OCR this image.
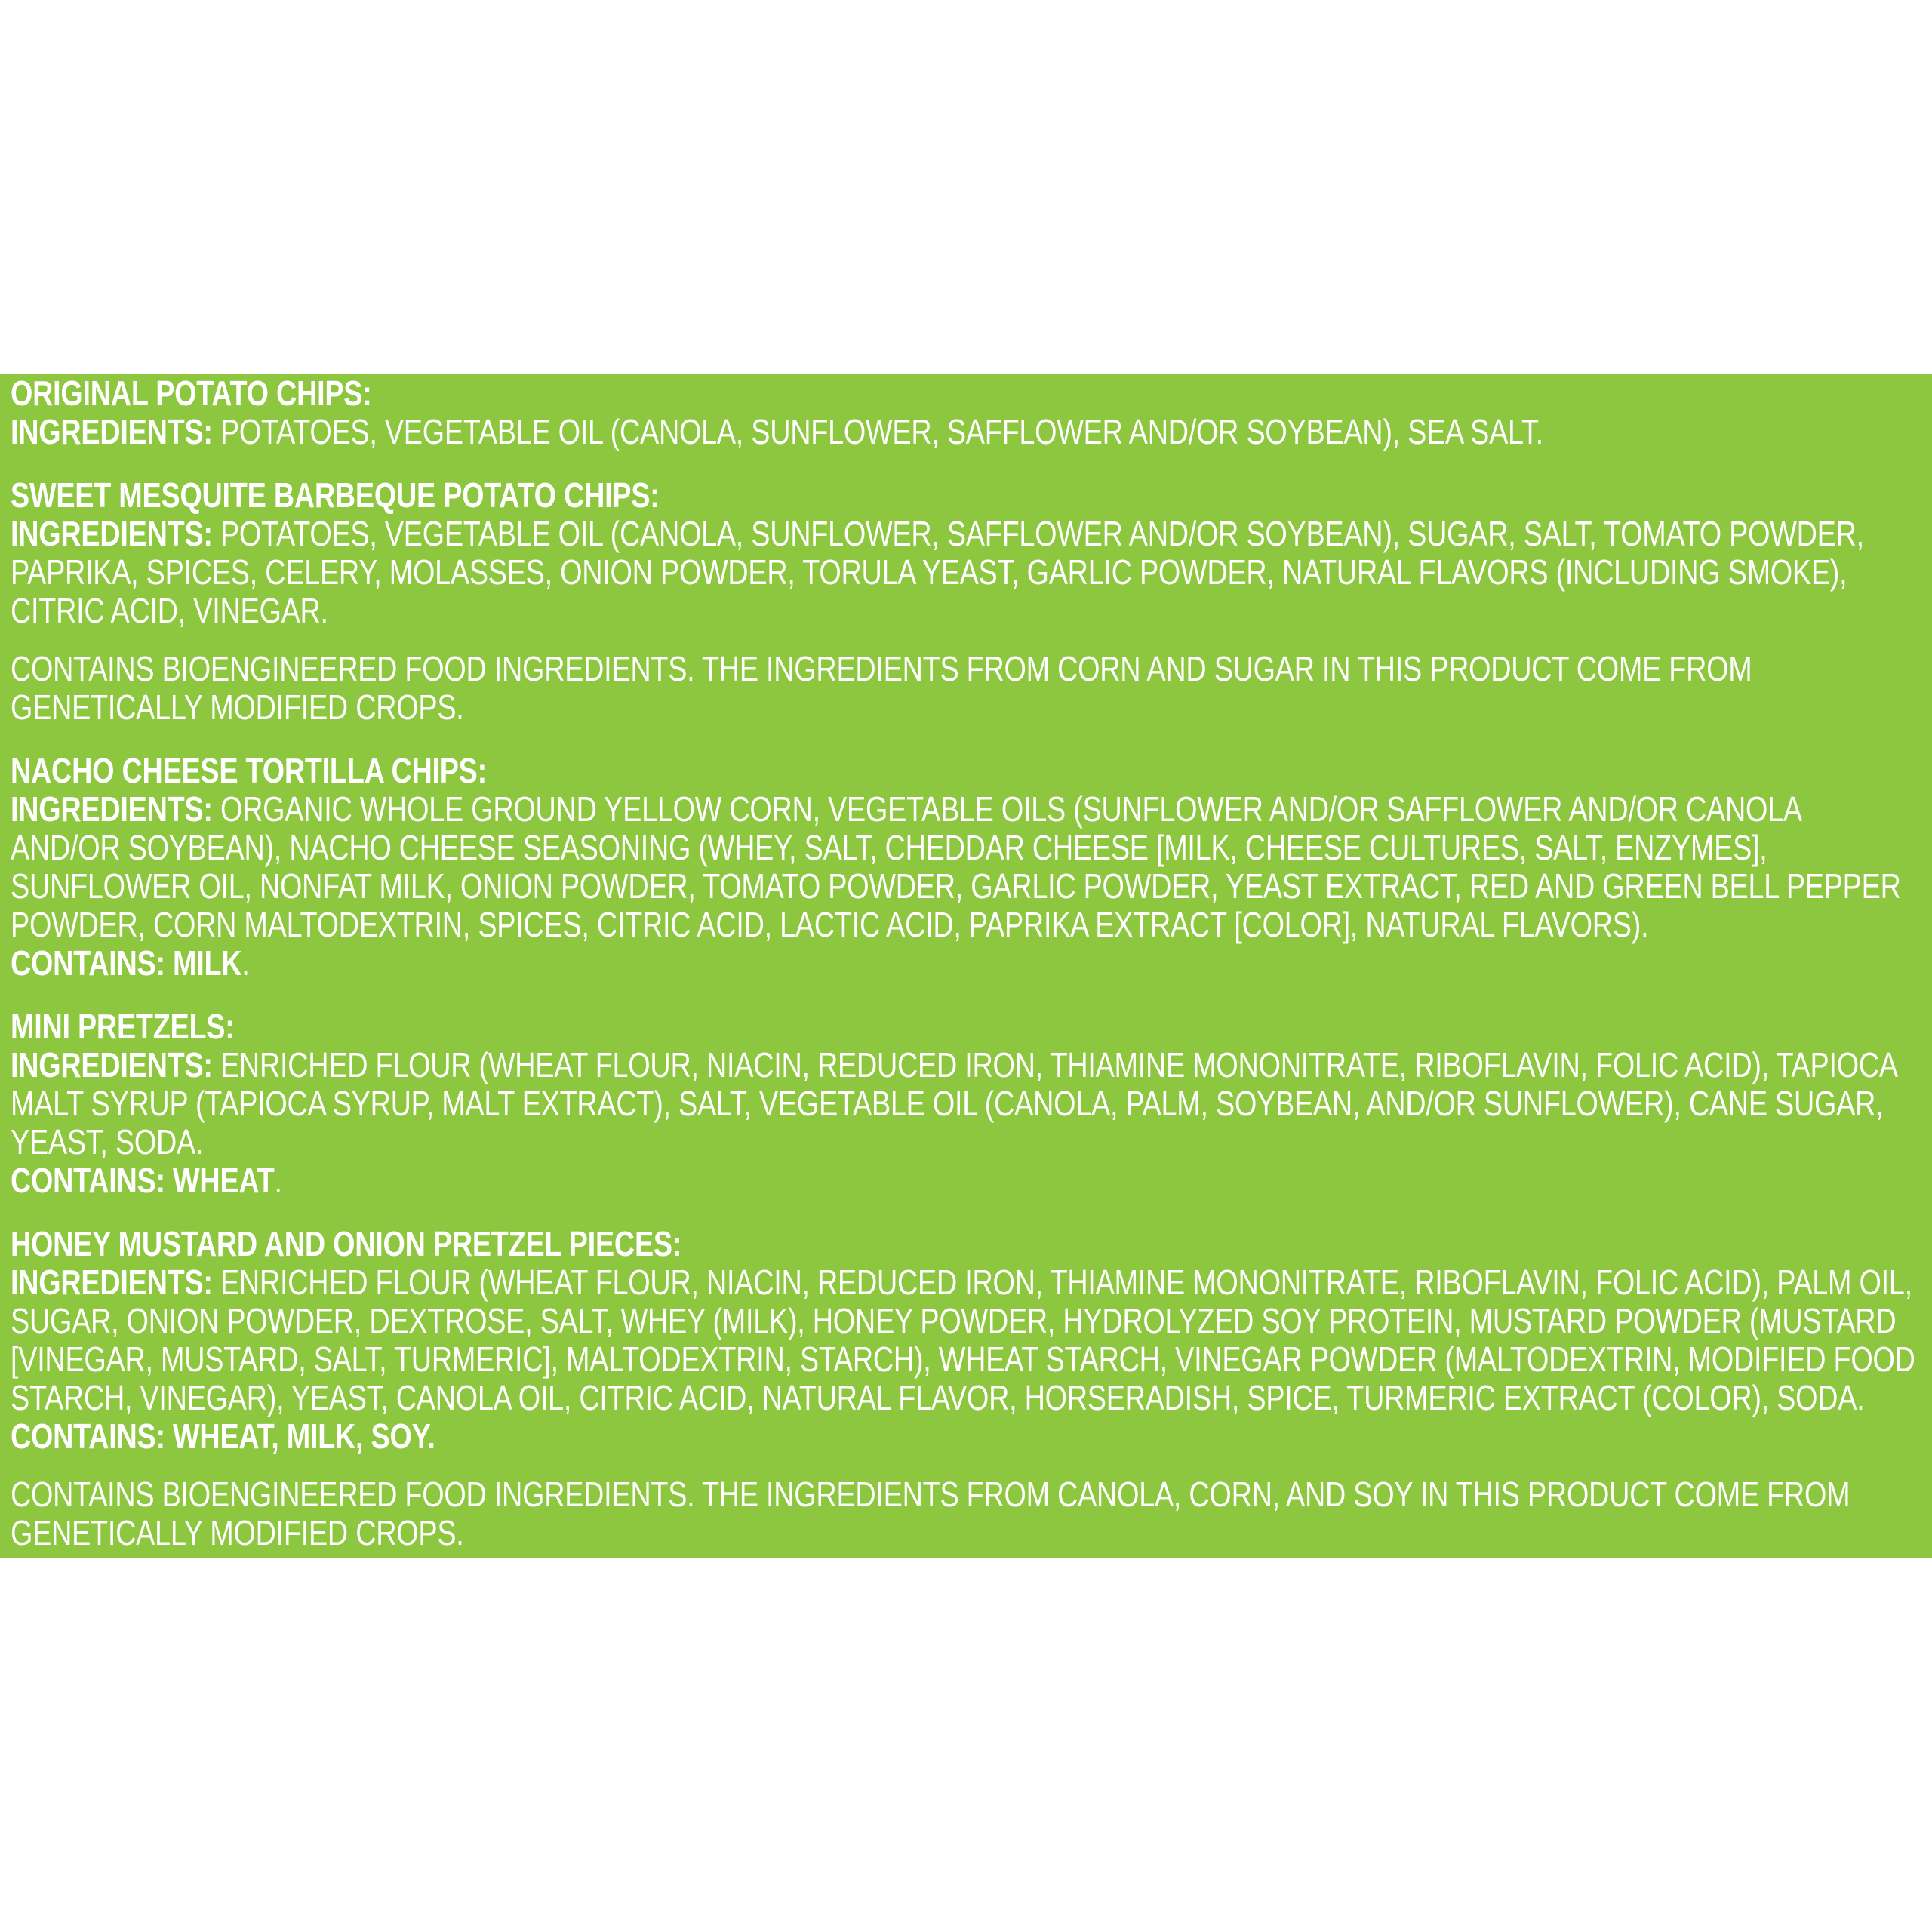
ORIGINAL POTATO CHIPS:
INGREDIENTS: POTATOES, VEGETABLE OIL (CANOLA, SUNFLOWER, SAFFLOWER AND/OR SOYBEAN), SEA SALT.
SWEET MESQUITE BARBEQUE POTATO CHIPS:
INGREDIENTS: POTATOES, VEGETABLE OIL (CANOLA, SUNFLOWER, SAFFLOWER AND/OR SOYBEAN), SUGAR, SALT, TOMATO POWDER,
PAPRIKA, SPICES, CELERY, MOLASSES, ONION POWDER, TORULA YEAST, GARLIC POWDER, NATURAL FLAVORS (INCLUDING SMOKE),
CITRIC ACID, VINEGAR.
CONTAINS BIOENGINEERED FOOD INGREDIENTS. THE INGREDIENTS FROM CORN AND SUGAR IN THIS PRODUCT COME FROM
GENETICALLY MODIFIED CROPS.
NACHO CHEESE TORTILLA CHIPS:
INGREDIENTS: ORGANIC WHOLE GROUND YELLOW CORN, VEGETABLE OILS (SUNFLOWER AND/OR SAFFLOWER AND/OR CANOLA
AND/OR SOYBEAN), NACHO CHEESE SEASONING (WHEY, SALT, CHEDDAR CHEESE [MILK, CHEESE CULTURES, SALT, ENZYMES],
SUNFLOWER OIL, NONFAT MILK, ONION POWDER, TOMATO POWDER, GARLIC POWDER, YEAST EXTRACT, RED AND GREEN BELL PEPPER
POWDER, CORN MALTODEXTRIN, SPICES, CITRIC ACID, LACTIC ACID, PAPRIKA EXTRACT [COLOR], NATURAL FLAVORS).
CONTAINS: MILK.
MINI PRETZELS:
INGREDIENTS: ENRICHED FLOUR (WHEAT FLOUR, NIACIN, REDUCED IRON, THIAMINE MONONITRATE, RIBOFLAVIN, FOLIC ACID), TAPIOCA
MALT SYRUP (TAPIOCA SYRUP, MALT EXTRACT), SALT, VEGETABLE OIL (CANOLA, PALM, SOYBEAN, AND/OR SUNFLOWER), CANE SUGAR,
YEAST, SODA.
CONTAINS: WHEAT.
HONEY MUSTARD AND ONION PRETZEL PIECES:
INGREDIENTS: ENRICHED FLOUR (WHEAT FLOUR, NIACIN, REDUCED IRON, THIAMINE MONONITRATE, RIBOFLAVIN, FOLIC ACID), PALM OIL,
SUGAR, ONION POWDER, DEXTROSE, SALT, WHEY (MILK), HONEY POWDER, HYDROLYZED SOY PROTEIN, MUSTARD POWDER (MUSTARD
[VINEGAR, MUSTARD, SALT, TURMERIC], MALTODEXTRIN, STARCH), WHEAT STARCH, VINEGAR POWDER (MALTODEXTRIN, MODIFIED FOOD
STARCH, VINEGAR), YEAST, CANOLA OIL, CITRIC ACID, NATURAL FLAVOR, HORSERADISH, SPICE, TURMERIC EXTRACT (COLOR), SODA.
CONTAINS: WHEAT, MILK, SOY.
CONTAINS BIOENGINEERED FOOD INGREDIENTS. THE INGREDIENTS FROM CANOLA, CORN, AND SOY IN THIS PRODUCT COME FROM
GENETICALLY MODIFIED CROPS.
